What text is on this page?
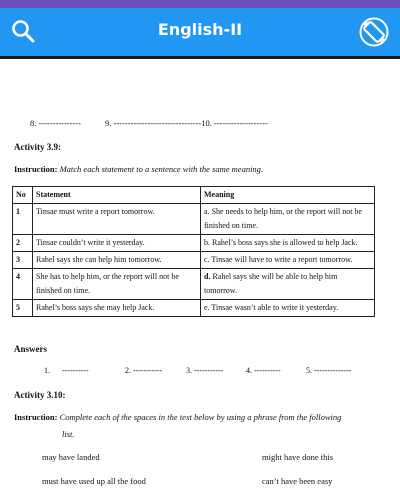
English-II
8. ---------------	9. -------------------------------10. -------------------
Activity 3.9:
Instruction: Match each statement to a sentence with the same meaning.
No	Statement	Meaning
1	Tinsae must write a report tomorrow.	a. She needs to help him, or the report will not be finished on time.
2	Tinsae couldn’t write it yesterday.	b. Rahel’s boss says she is allowed to help Jack.
3	Rahel says she can help him tomorrow.	c. Tinsae will have to write a report tomorrow.
4	She has to help him, or the report will not be finished on time.	d. Rahel says she will be able to help him tomorrow.
5	Rahel’s boss says she may help Jack.	e. Tinsae wasn’t able to write it yesterday.
Answers
1.      ----------	2. -----------	3. -----------	4. ----------	5. --------------
Activity 3.10:
Instruction: Complete each of the spaces in the text below by using a phrase from the following
list.
may have landed	might have done this
must have used up all the food	can’t have been easy
